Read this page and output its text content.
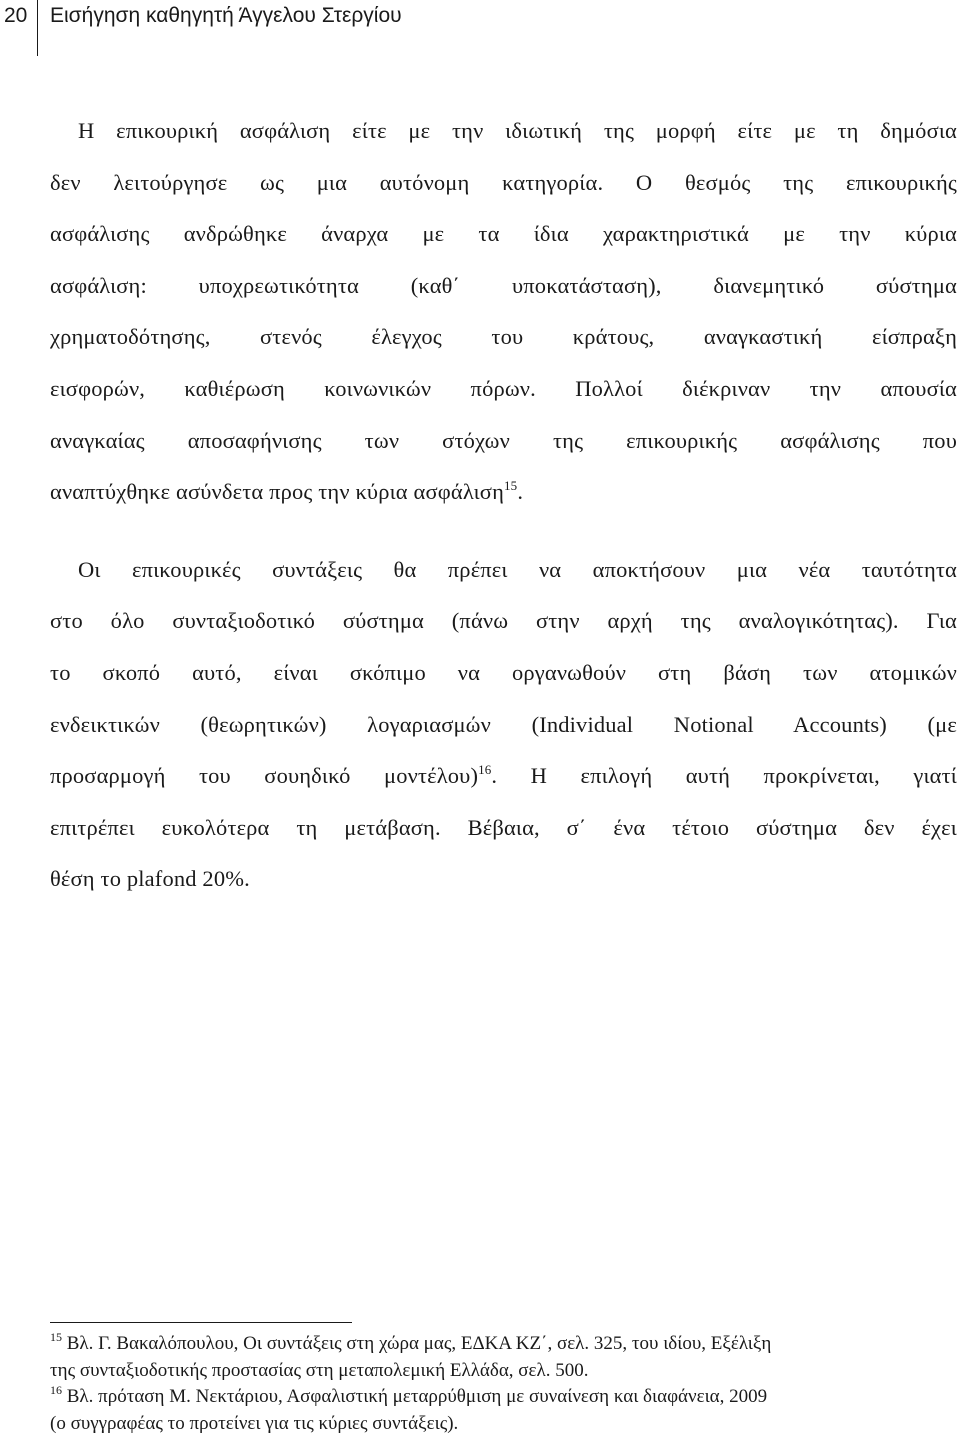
20 Εισήγηση καθηγητή Άγγελου Στεργίου
Η επικουρική ασφάλιση είτε με την ιδιωτική της μορφή είτε με τη δημόσια
δεν λειτούργησε ως μια αυτόνομη κατηγορία. Ο θεσμός της επικουρικής
ασφάλισης ανδρώθηκε άναρχα με τα ίδια χαρακτηριστικά με την κύρια
ασφάλιση: υποχρεωτικότητα (καθ΄ υποκατάσταση), διανεμητικό σύστημα
χρηματοδότησης, στενός έλεγχος του κράτους, αναγκαστική είσπραξη
εισφορών, καθιέρωση κοινωνικών πόρων. Πολλοί διέκριναν την απουσία
αναγκαίας αποσαφήνισης των στόχων της επικουρικής ασφάλισης που
αναπτύχθηκε ασύνδετα προς την κύρια ασφάλιση$^{15}$.
Οι επικουρικές συντάξεις θα πρέπει να αποκτήσουν μια νέα ταυτότητα
στο όλο συνταξιοδοτικό σύστημα (πάνω στην αρχή της αναλογικότητας). Για
το σκοπό αυτό, είναι σκόπιμο να οργανωθούν στη βάση των ατομικών
ενδεικτικών (θεωρητικών) λογαριασμών (Individual Notional Accounts) (με
προσαρμογή του σουηδικό μοντέλου)$^{16}$. Η επιλογή αυτή προκρίνεται, γιατί
επιτρέπει ευκολότερα τη μετάβαση. Βέβαια, σ΄ ένα τέτοιο σύστημα δεν έχει
θέση το plafond 20%.
$^{15}$ Βλ. Γ. Βακαλόπουλου, Οι συντάξεις στη χώρα μας, ΕΔΚΑ ΚΖ΄, σελ. 325, του ιδίου, Εξέλιξη
της συνταξιοδοτικής προστασίας στη μεταπολεμική Ελλάδα, σελ. 500.
$^{16}$ Βλ. πρόταση Μ. Νεκτάριου, Ασφαλιστική μεταρρύθμιση με συναίνεση και διαφάνεια, 2009
(ο συγγραφέας το προτείνει για τις κύριες συντάξεις).
